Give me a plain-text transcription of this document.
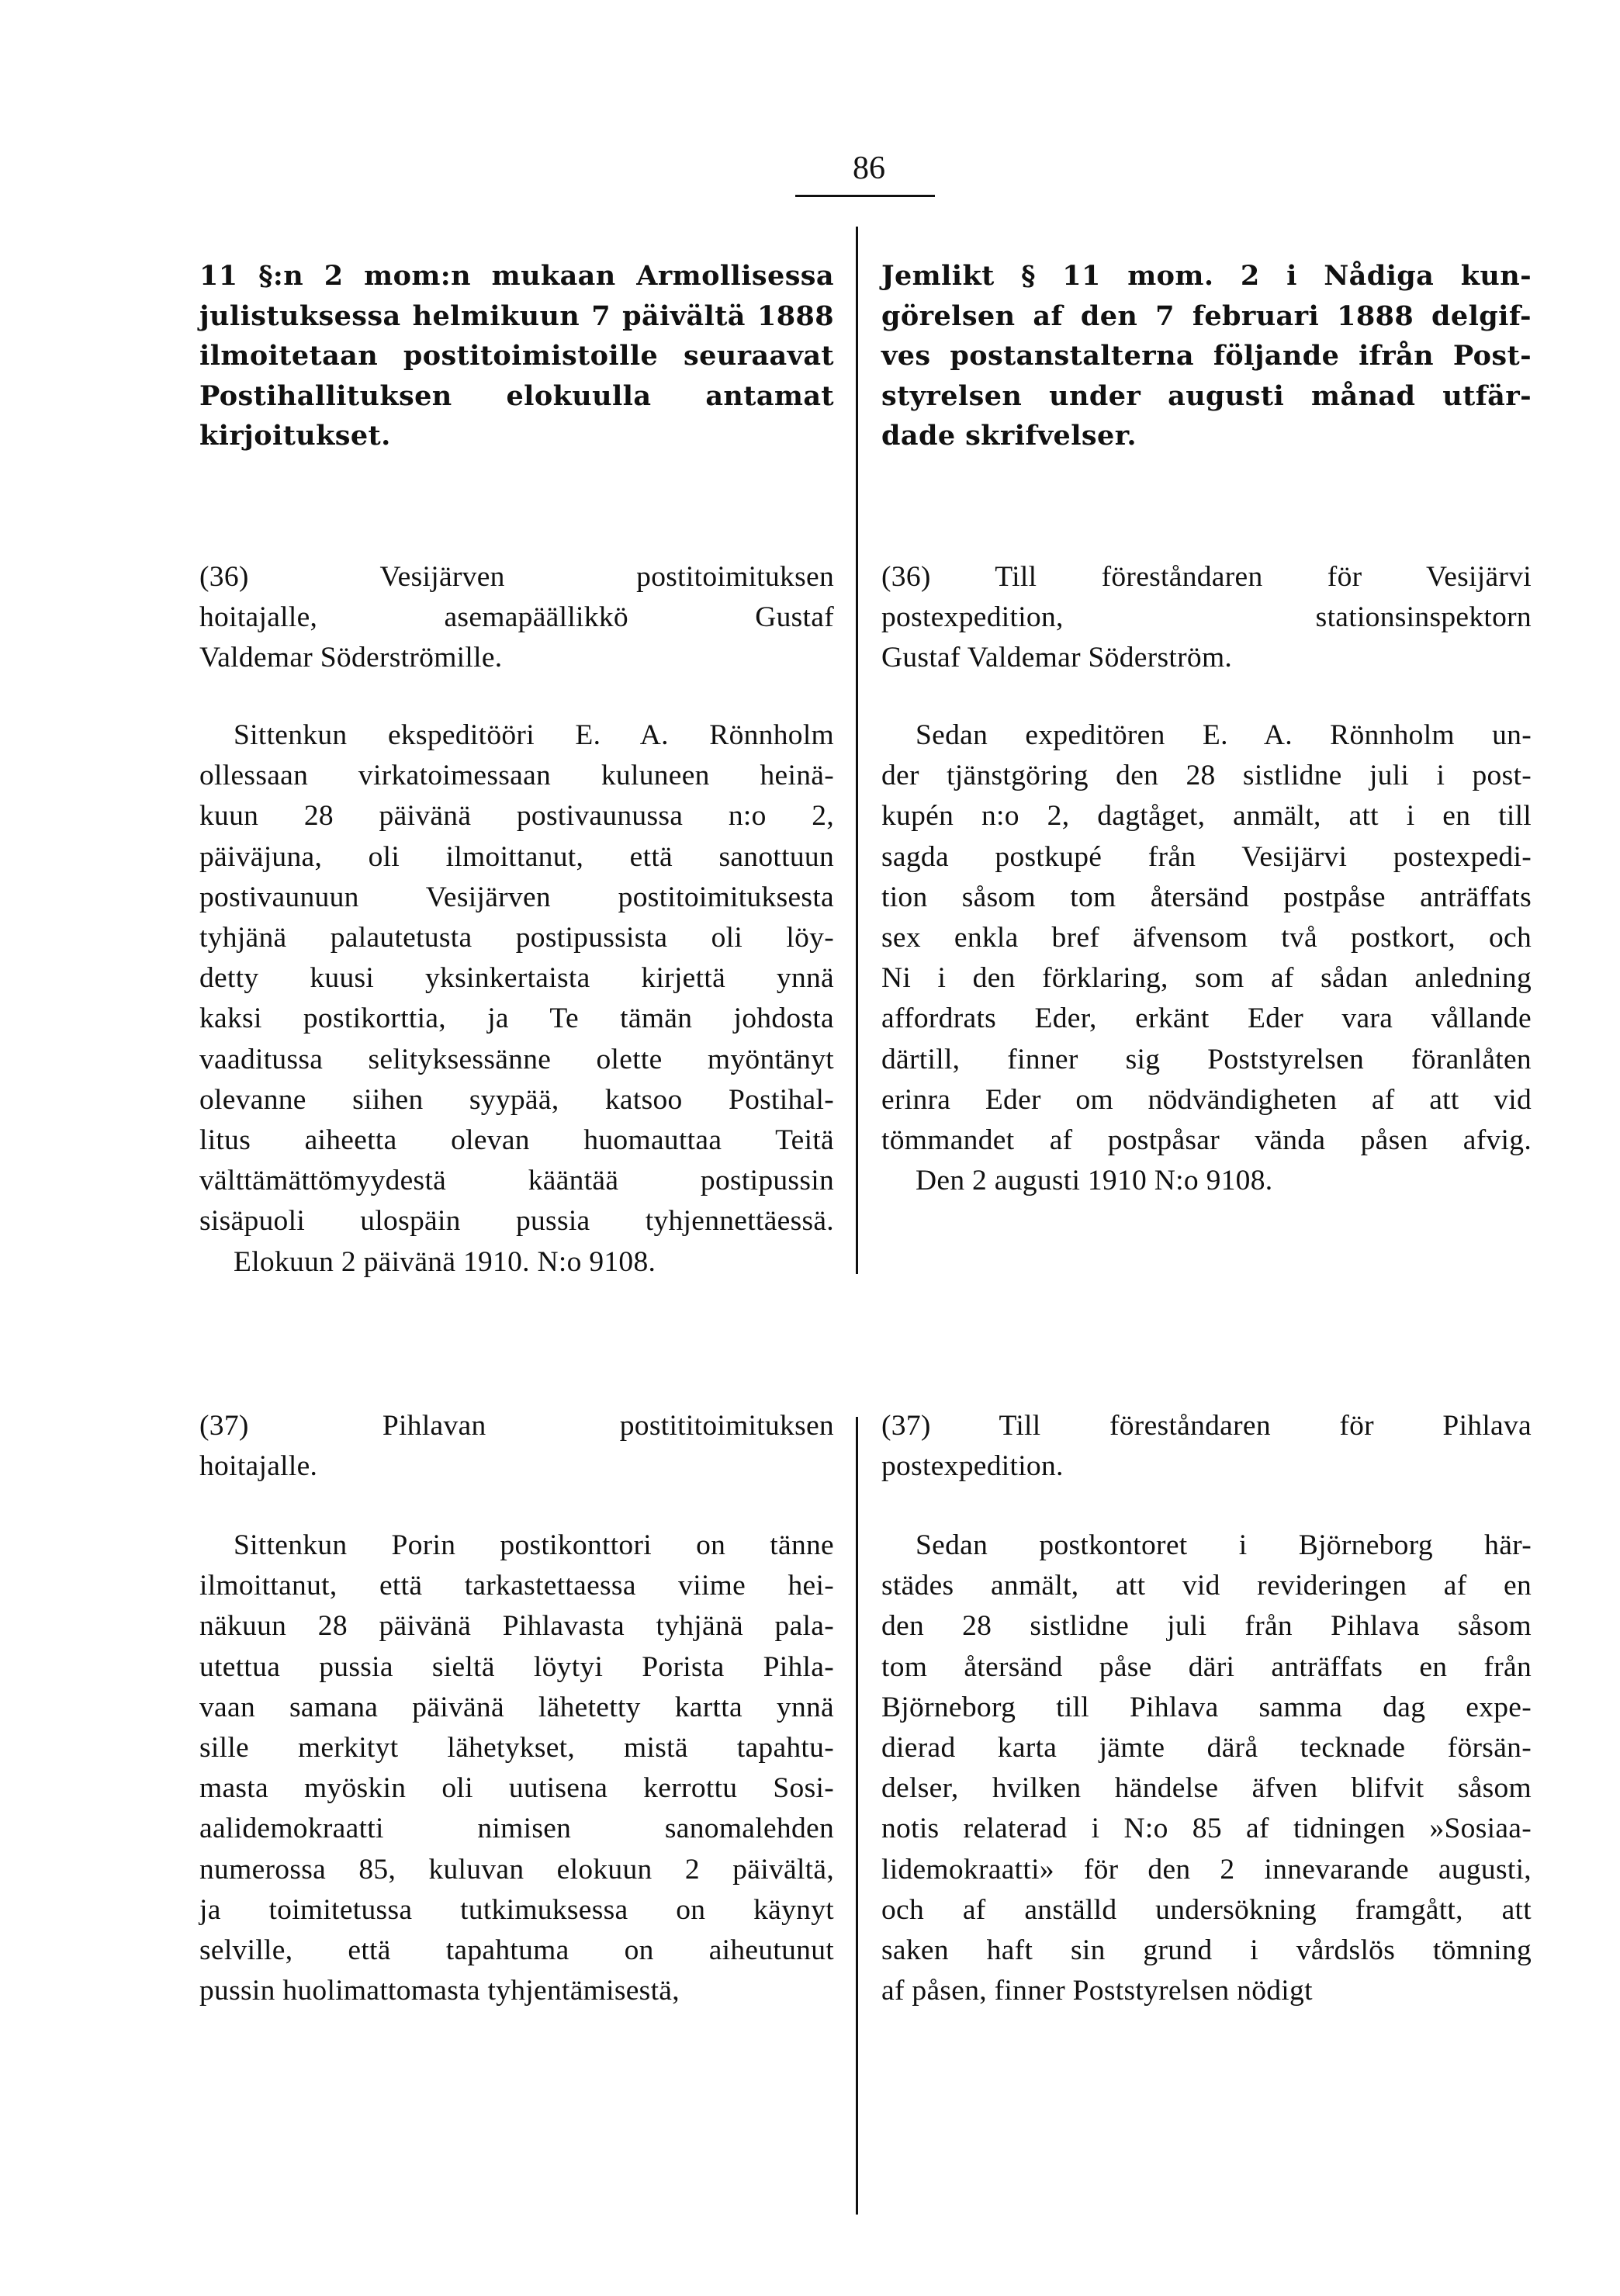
86
11 §:n 2 mom:n mukaan Armollisessa
julistuksessa helmikuun 7 päivältä 1888
ilmoitetaan postitoimistoille seuraavat
Postihallituksen elokuulla antamat
kirjoitukset.
Jemlikt § 11 mom. 2 i Nådiga kun-
görelsen af den 7 februari 1888 delgif-
ves postanstalterna följande ifrån Post-
styrelsen under augusti månad utfär-
dade skrifvelser.
(36) Vesijärven postitoimituksen
hoitajalle, asemapäällikkö Gustaf
Valdemar Söderströmille.
(36) Till föreståndaren för Vesijärvi
postexpedition, stationsinspektorn
Gustaf Valdemar Söderström.
Sittenkun ekspeditööri E. A. Rönnholm
ollessaan virkatoimessaan kuluneen heinä-
kuun 28 päivänä postivaunussa n:o 2,
päiväjuna, oli ilmoittanut, että sanottuun
postivaunuun Vesijärven postitoimituksesta
tyhjänä palautetusta postipussista oli löy-
detty kuusi yksinkertaista kirjettä ynnä
kaksi postikorttia, ja Te tämän johdosta
vaaditussa selityksessänne olette myöntänyt
olevanne siihen syypää, katsoo Postihal-
litus aiheetta olevan huomauttaa Teitä
välttämättömyydestä kääntää postipussin
sisäpuoli ulospäin pussia tyhjennettäessä.
Elokuun 2 päivänä 1910. N:o 9108.
Sedan expeditören E. A. Rönnholm un-
der tjänstgöring den 28 sistlidne juli i post-
kupén n:o 2, dagtåget, anmält, att i en till
sagda postkupé från Vesijärvi postexpedi-
tion såsom tom återsänd postpåse anträffats
sex enkla bref äfvensom två postkort, och
Ni i den förklaring, som af sådan anledning
affordrats Eder, erkänt Eder vara vållande
därtill, finner sig Poststyrelsen föranlåten
erinra Eder om nödvändigheten af att vid
tömmandet af postpåsar vända påsen afvig.
Den 2 augusti 1910 N:o 9108.
(37) Pihlavan postititoimituksen
hoitajalle.
(37) Till föreståndaren för Pihlava
postexpedition.
Sittenkun Porin postikonttori on tänne
ilmoittanut, että tarkastettaessa viime hei-
näkuun 28 päivänä Pihlavasta tyhjänä pala-
utettua pussia sieltä löytyi Porista Pihla-
vaan samana päivänä lähetetty kartta ynnä
sille merkityt lähetykset, mistä tapahtu-
masta myöskin oli uutisena kerrottu Sosi-
aalidemokraatti nimisen sanomalehden
numerossa 85, kuluvan elokuun 2 päivältä,
ja toimitetussa tutkimuksessa on käynyt
selville, että tapahtuma on aiheutunut
pussin huolimattomasta tyhjentämisestä,
Sedan postkontoret i Björneborg här-
städes anmält, att vid revideringen af en
den 28 sistlidne juli från Pihlava såsom
tom återsänd påse däri anträffats en från
Björneborg till Pihlava samma dag expe-
dierad karta jämte därå tecknade försän-
delser, hvilken händelse äfven blifvit såsom
notis relaterad i N:o 85 af tidningen »Sosiaa-
lidemokraatti» för den 2 innevarande augusti,
och af anställd undersökning framgått, att
saken haft sin grund i vårdslös tömning
af påsen, finner Poststyrelsen nödigt
